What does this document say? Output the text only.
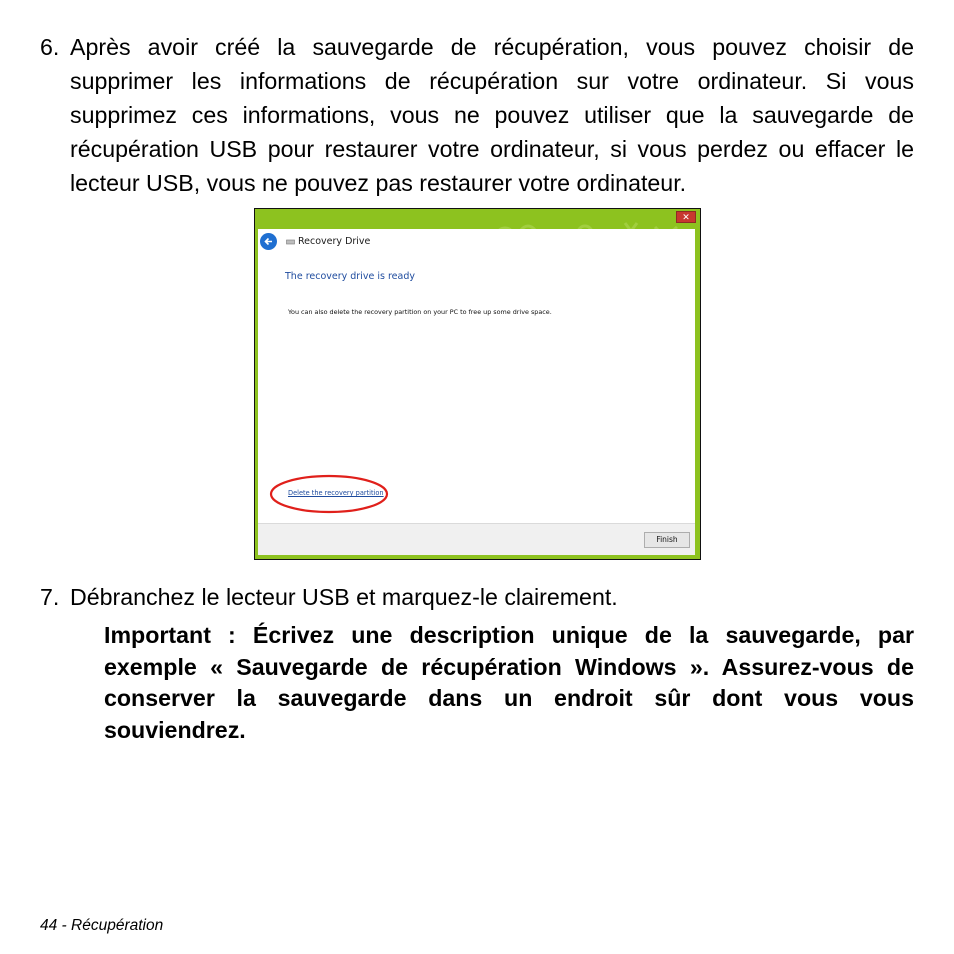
6. Après avoir créé la sauvegarde de récupération, vous pouvez choisir de supprimer les informations de récupération sur votre ordinateur. Si vous supprimez ces informations, vous ne pouvez utiliser que la sauvegarde de récupération USB pour restaurer votre ordinateur, si vous perdez ou effacer le lecteur USB, vous ne pouvez pas restaurer votre ordinateur.
✕
Recovery Drive
The recovery drive is ready
You can also delete the recovery partition on your PC to free up some drive space.
Delete the recovery partition
Finish
7. Débranchez le lecteur USB et marquez-le clairement.
Important : Écrivez une description unique de la sauvegarde, par exemple « Sauvegarde de récupération Windows ». Assurez-vous de conserver la sauvegarde dans un endroit sûr dont vous vous souviendrez.
44 - Récupération
